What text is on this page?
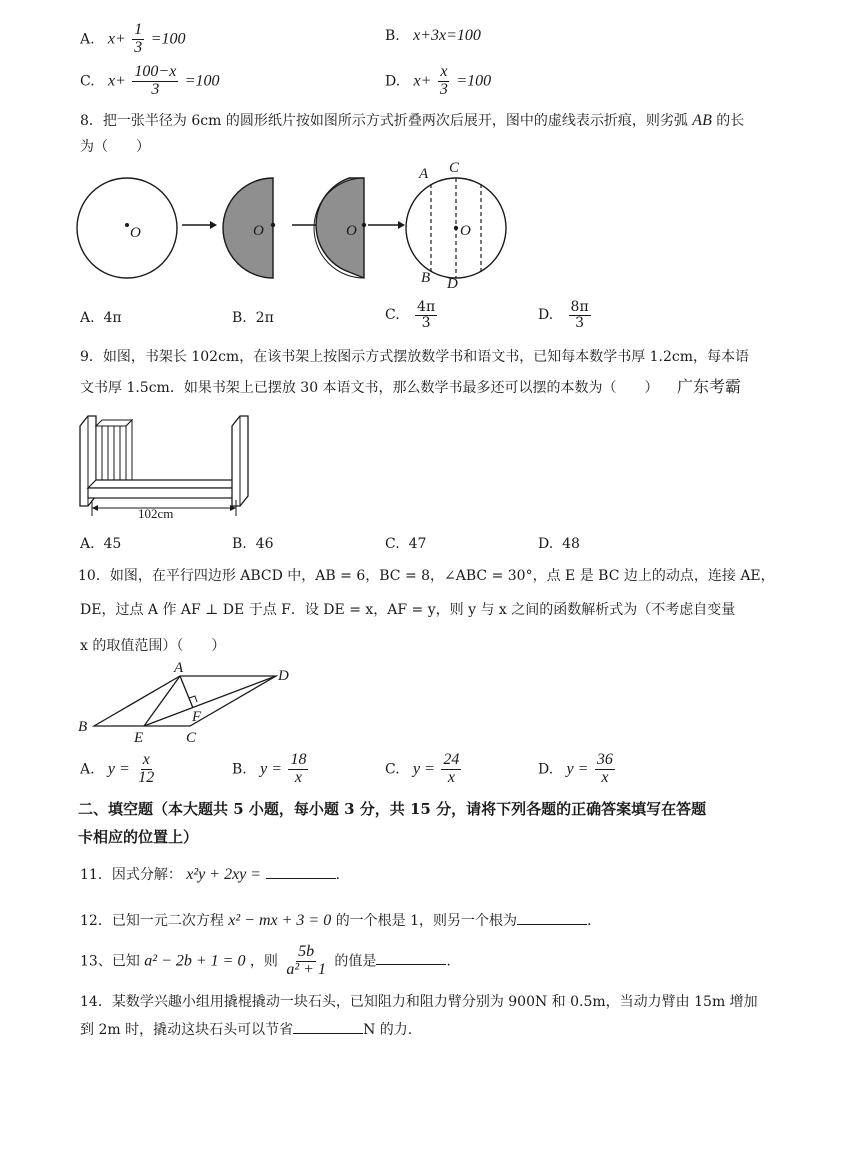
A. $x+ \frac{1}{3} =100$	B. x+3x=100
C. $x+ \frac{100-x}{3} =100$	D. $x+ \frac{x}{3} =100$
8．把一张半径为 6cm 的圆形纸片按如图所示方式折叠两次后展开，图中的虚线表示折痕，则劣弧 AB 的长
为（　　）
O	O	O	O
A C
B D
A. 4π	B. 2π	C. $\frac{4\pi}{3}$	D. $\frac{8\pi}{3}$
9．如图，书架长 102cm，在该书架上按图示方式摆放数学书和语文书，已知每本数学书厚 1.2cm，每本语
文书厚 1.5cm．如果书架上已摆放 30 本语文书，那么数学书最多还可以摆的本数为（　　） 广东考霸
102cm
A. 45	B. 46	C. 47	D. 48
10．如图，在平行四边形 ABCD 中，AB = 6，BC = 8，∠ABC = 30°，点 E 是 BC 边上的动点，连接 AE，
DE，过点 A 作 AF ⊥ DE 于点 F．设 DE = x，AF = y，则 y 与 x 之间的函数解析式为（不考虑自变量
x 的取值范围）（　　）
A	D
B
E	C
F
A. $y = \frac{x}{12}$	B. $y = \frac{18}{x}$	C. $y = \frac{24}{x}$	D. $y = \frac{36}{x}$
二、填空题（本大题共 5 小题，每小题 3 分，共 15 分，请将下列各题的正确答案填写在答题
卡相应的位置上）
11．因式分解： x²y + 2xy =	.
12．已知一元二次方程 x² − mx + 3 = 0 的一个根是 1，则另一个根为	.
13、已知 a² − 2b + 1 = 0 ，则 $\frac{5b}{\text{a² + 1}}$ 的值是	.
14．某数学兴趣小组用撬棍撬动一块石头，已知阻力和阻力臂分别为 900N 和 0.5m，当动力臂由 15m 增加
到 2m 时，撬动这块石头可以节省	N 的力.
